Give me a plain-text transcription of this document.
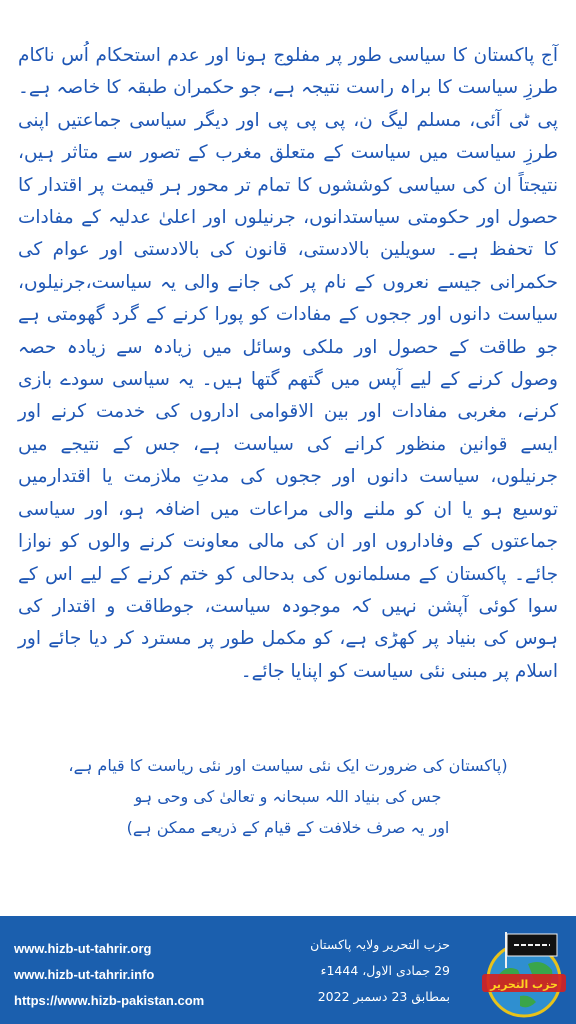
آج پاکستان کا سیاسی طور پر مفلوج ہونا اور عدم استحکام اُس ناکام طرزِ سیاست کا براہ راست نتیجہ ہے، جو حکمران طبقہ کا خاصہ ہے۔ پی ٹی آئی، مسلم لیگ ن، پی پی پی اور دیگر سیاسی جماعتیں اپنی طرزِ سیاست میں سیاست کے متعلق مغرب کے تصور سے متاثر ہیں، نتیجتاً ان کی سیاسی کوششوں کا تمام تر محور ہر قیمت پر اقتدار کا حصول اور حکومتی سیاستدانوں، جرنیلوں اور اعلیٰ عدلیہ کے مفادات کا تحفظ ہے۔ سویلین بالادستی، قانون کی بالادستی اور عوام کی حکمرانی جیسے نعروں کے نام پر کی جانے والی یہ سیاست،جرنیلوں، سیاست دانوں اور ججوں کے مفادات کو پورا کرنے کے گرد گھومتی ہے جو طاقت کے حصول اور ملکی وسائل میں زیادہ سے زیادہ حصہ وصول کرنے کے لیے آپس میں گتھم گتھا ہیں۔ یہ سیاسی سودے بازی کرنے، مغربی مفادات اور بین الاقوامی اداروں کی خدمت کرنے اور ایسے قوانین منظور کرانے کی سیاست ہے، جس کے نتیجے میں جرنیلوں، سیاست دانوں اور ججوں کی مدتِ ملازمت یا اقتدارمیں توسیع ہو یا ان کو ملنے والی مراعات میں اضافہ ہو، اور سیاسی جماعتوں کے وفاداروں اور ان کی مالی معاونت کرنے والوں کو نوازا جائے۔ پاکستان کے مسلمانوں کی بدحالی کو ختم کرنے کے لیے اس کے سوا کوئی آپشن نہیں کہ موجودہ سیاست، جوطاقت و اقتدار کی ہوس کی بنیاد پر کھڑی ہے، کو مکمل طور پر مسترد کر دیا جائے اور اسلام پر مبنی نئی سیاست کو اپنایا جائے۔

(پاکستان کی ضرورت ایک نئی سیاست اور نئی ریاست کا قیام ہے،
جس کی بنیاد اللہ سبحانہ و تعالیٰ کی وحی ہو
اور یہ صرف خلافت کے قیام کے ذریعے ممکن ہے)
www.hizb-ut-tahrir.org
www.hizb-ut-tahrir.info
https://www.hizb-pakistan.com
حزب التحریر ولایہ پاکستان
29 جمادی الاول، 1444ء
بمطابق 23 دسمبر 2022
حزب التحرير
